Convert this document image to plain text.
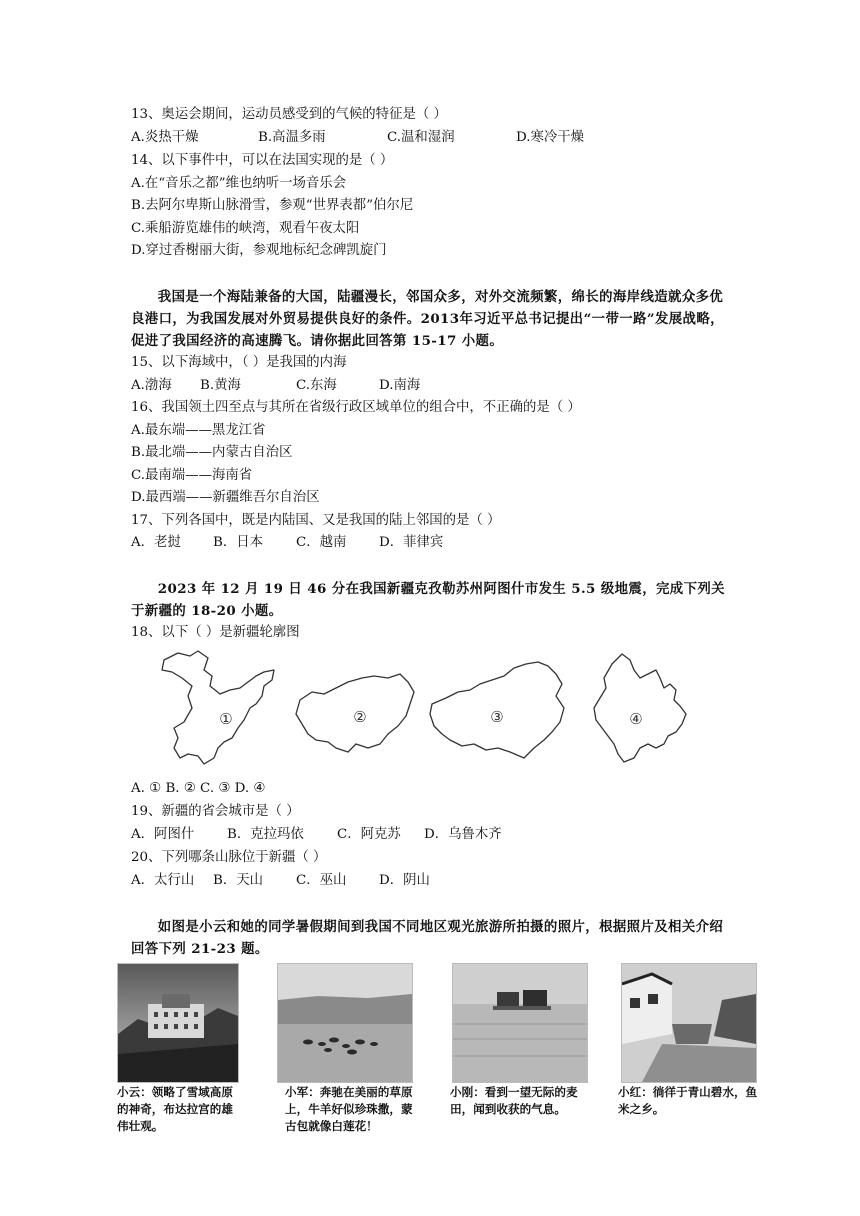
13、奥运会期间，运动员感受到的气候的特征是（ ）
A.炎热干燥	B.高温多雨	C.温和湿润	D.寒冷干燥
14、以下事件中，可以在法国实现的是（ ）
A.在“音乐之都”维也纳听一场音乐会
B.去阿尔卑斯山脉滑雪，参观“世界表都”伯尔尼
C.乘船游览雄伟的峡湾，观看午夜太阳
D.穿过香榭丽大街，参观地标纪念碑凯旋门
我国是一个海陆兼备的大国，陆疆漫长，邻国众多，对外交流频繁，绵长的海岸线造就众多优良港口，为我国发展对外贸易提供良好的条件。2013年习近平总书记提出“一带一路”发展战略，促进了我国经济的高速腾飞。请你据此回答第 15-17 小题。
15、以下海域中，（ ）是我国的内海
A.渤海 B.黄海	C.东海	D.南海
16、我国领土四至点与其所在省级行政区域单位的组合中，不正确的是（ ）
A.最东端——黑龙江省
B.最北端——内蒙古自治区
C.最南端——海南省
D.最西端——新疆维吾尔自治区
17、下列各国中，既是内陆国、又是我国的陆上邻国的是（ ）
A．老挝 B．日本 C．越南 D．菲律宾
2023 年 12 月 19 日 46 分在我国新疆克孜勒苏州阿图什市发生 5.5 级地震，完成下列关于新疆的 18-20 小题。
18、以下（ ）是新疆轮廓图
①	②	③	④
A. ① B. ② C. ③ D. ④
19、新疆的省会城市是（ ）
A．阿图什 B．克拉玛依 C．阿克苏 D．乌鲁木齐
20、下列哪条山脉位于新疆（ ）
A．太行山 B．天山 C．巫山 D．阴山
如图是小云和她的同学暑假期间到我国不同地区观光旅游所拍摄的照片，根据照片及相关介绍回答下列 21-23 题。
小云：领略了雪域高原的神奇，布达拉宫的雄伟壮观。
小军：奔驰在美丽的草原上，牛羊好似珍珠撒，蒙古包就像白莲花！
小刚：看到一望无际的麦田，闻到收获的气息。
小红：徜徉于青山碧水，鱼米之乡。
